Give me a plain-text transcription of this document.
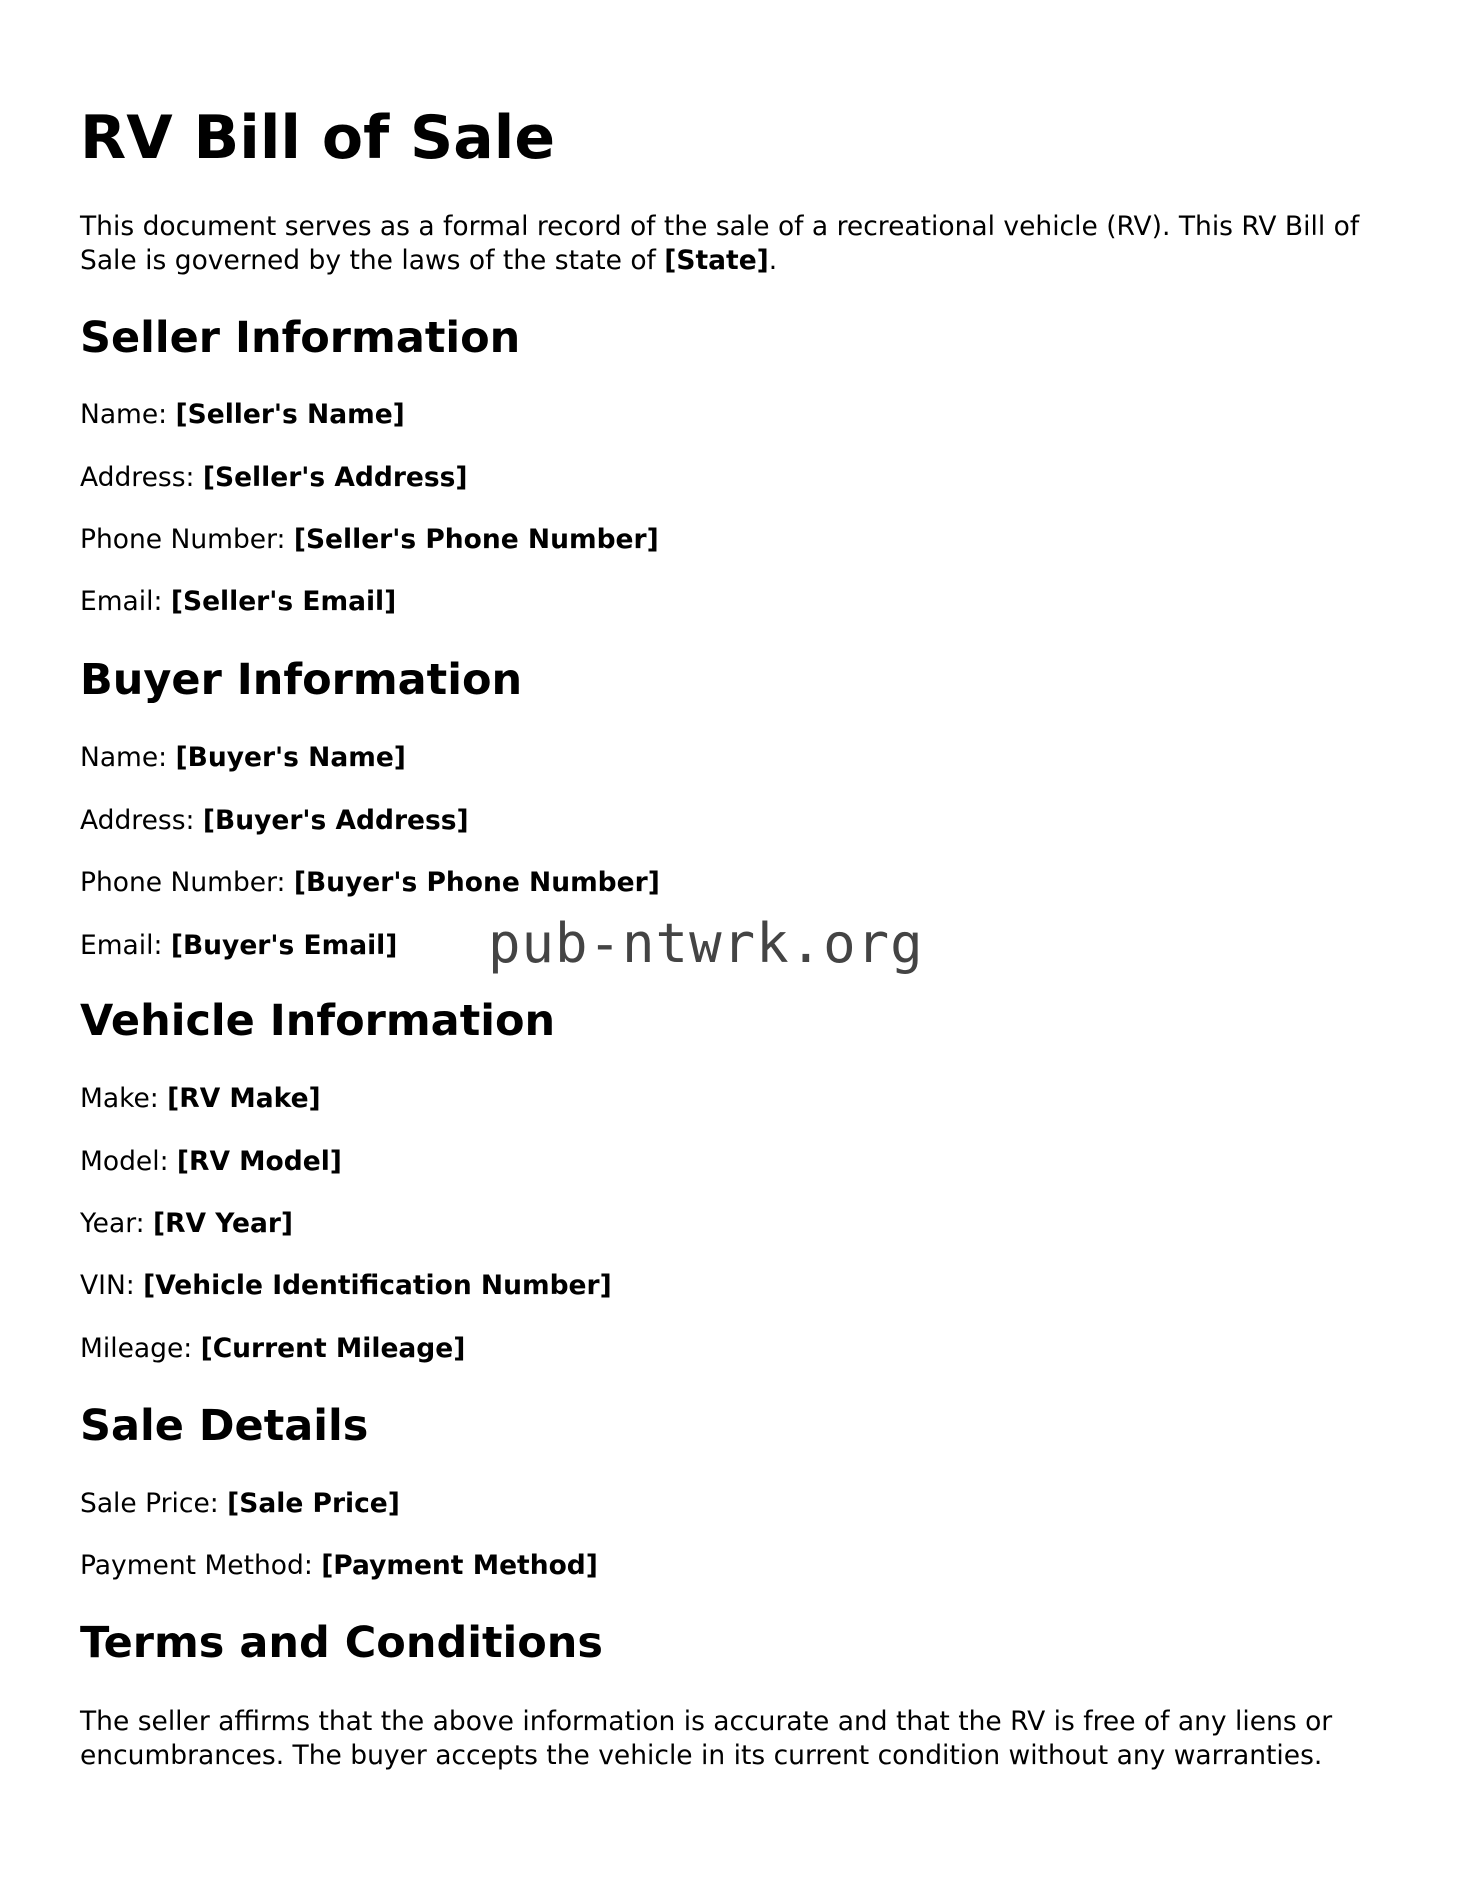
RV Bill of Sale

This document serves as a formal record of the sale of a recreational vehicle (RV). This RV Bill of Sale is governed by the laws of the state of [State].

Seller Information

Name: [Seller's Name]

Address: [Seller's Address]

Phone Number: [Seller's Phone Number]

Email: [Seller's Email]

Buyer Information

Name: [Buyer's Name]

Address: [Buyer's Address]

Phone Number: [Buyer's Phone Number]

Email: [Buyer's Email] pub-ntwrk.org
Vehicle Information

Make: [RV Make]

Model: [RV Model]

Year: [RV Year]

VIN: [Vehicle Identification Number]

Mileage: [Current Mileage]

Sale Details

Sale Price: [Sale Price]

Payment Method: [Payment Method]

Terms and Conditions

The seller affirms that the above information is accurate and that the RV is free of any liens or encumbrances. The buyer accepts the vehicle in its current condition without any warranties.
